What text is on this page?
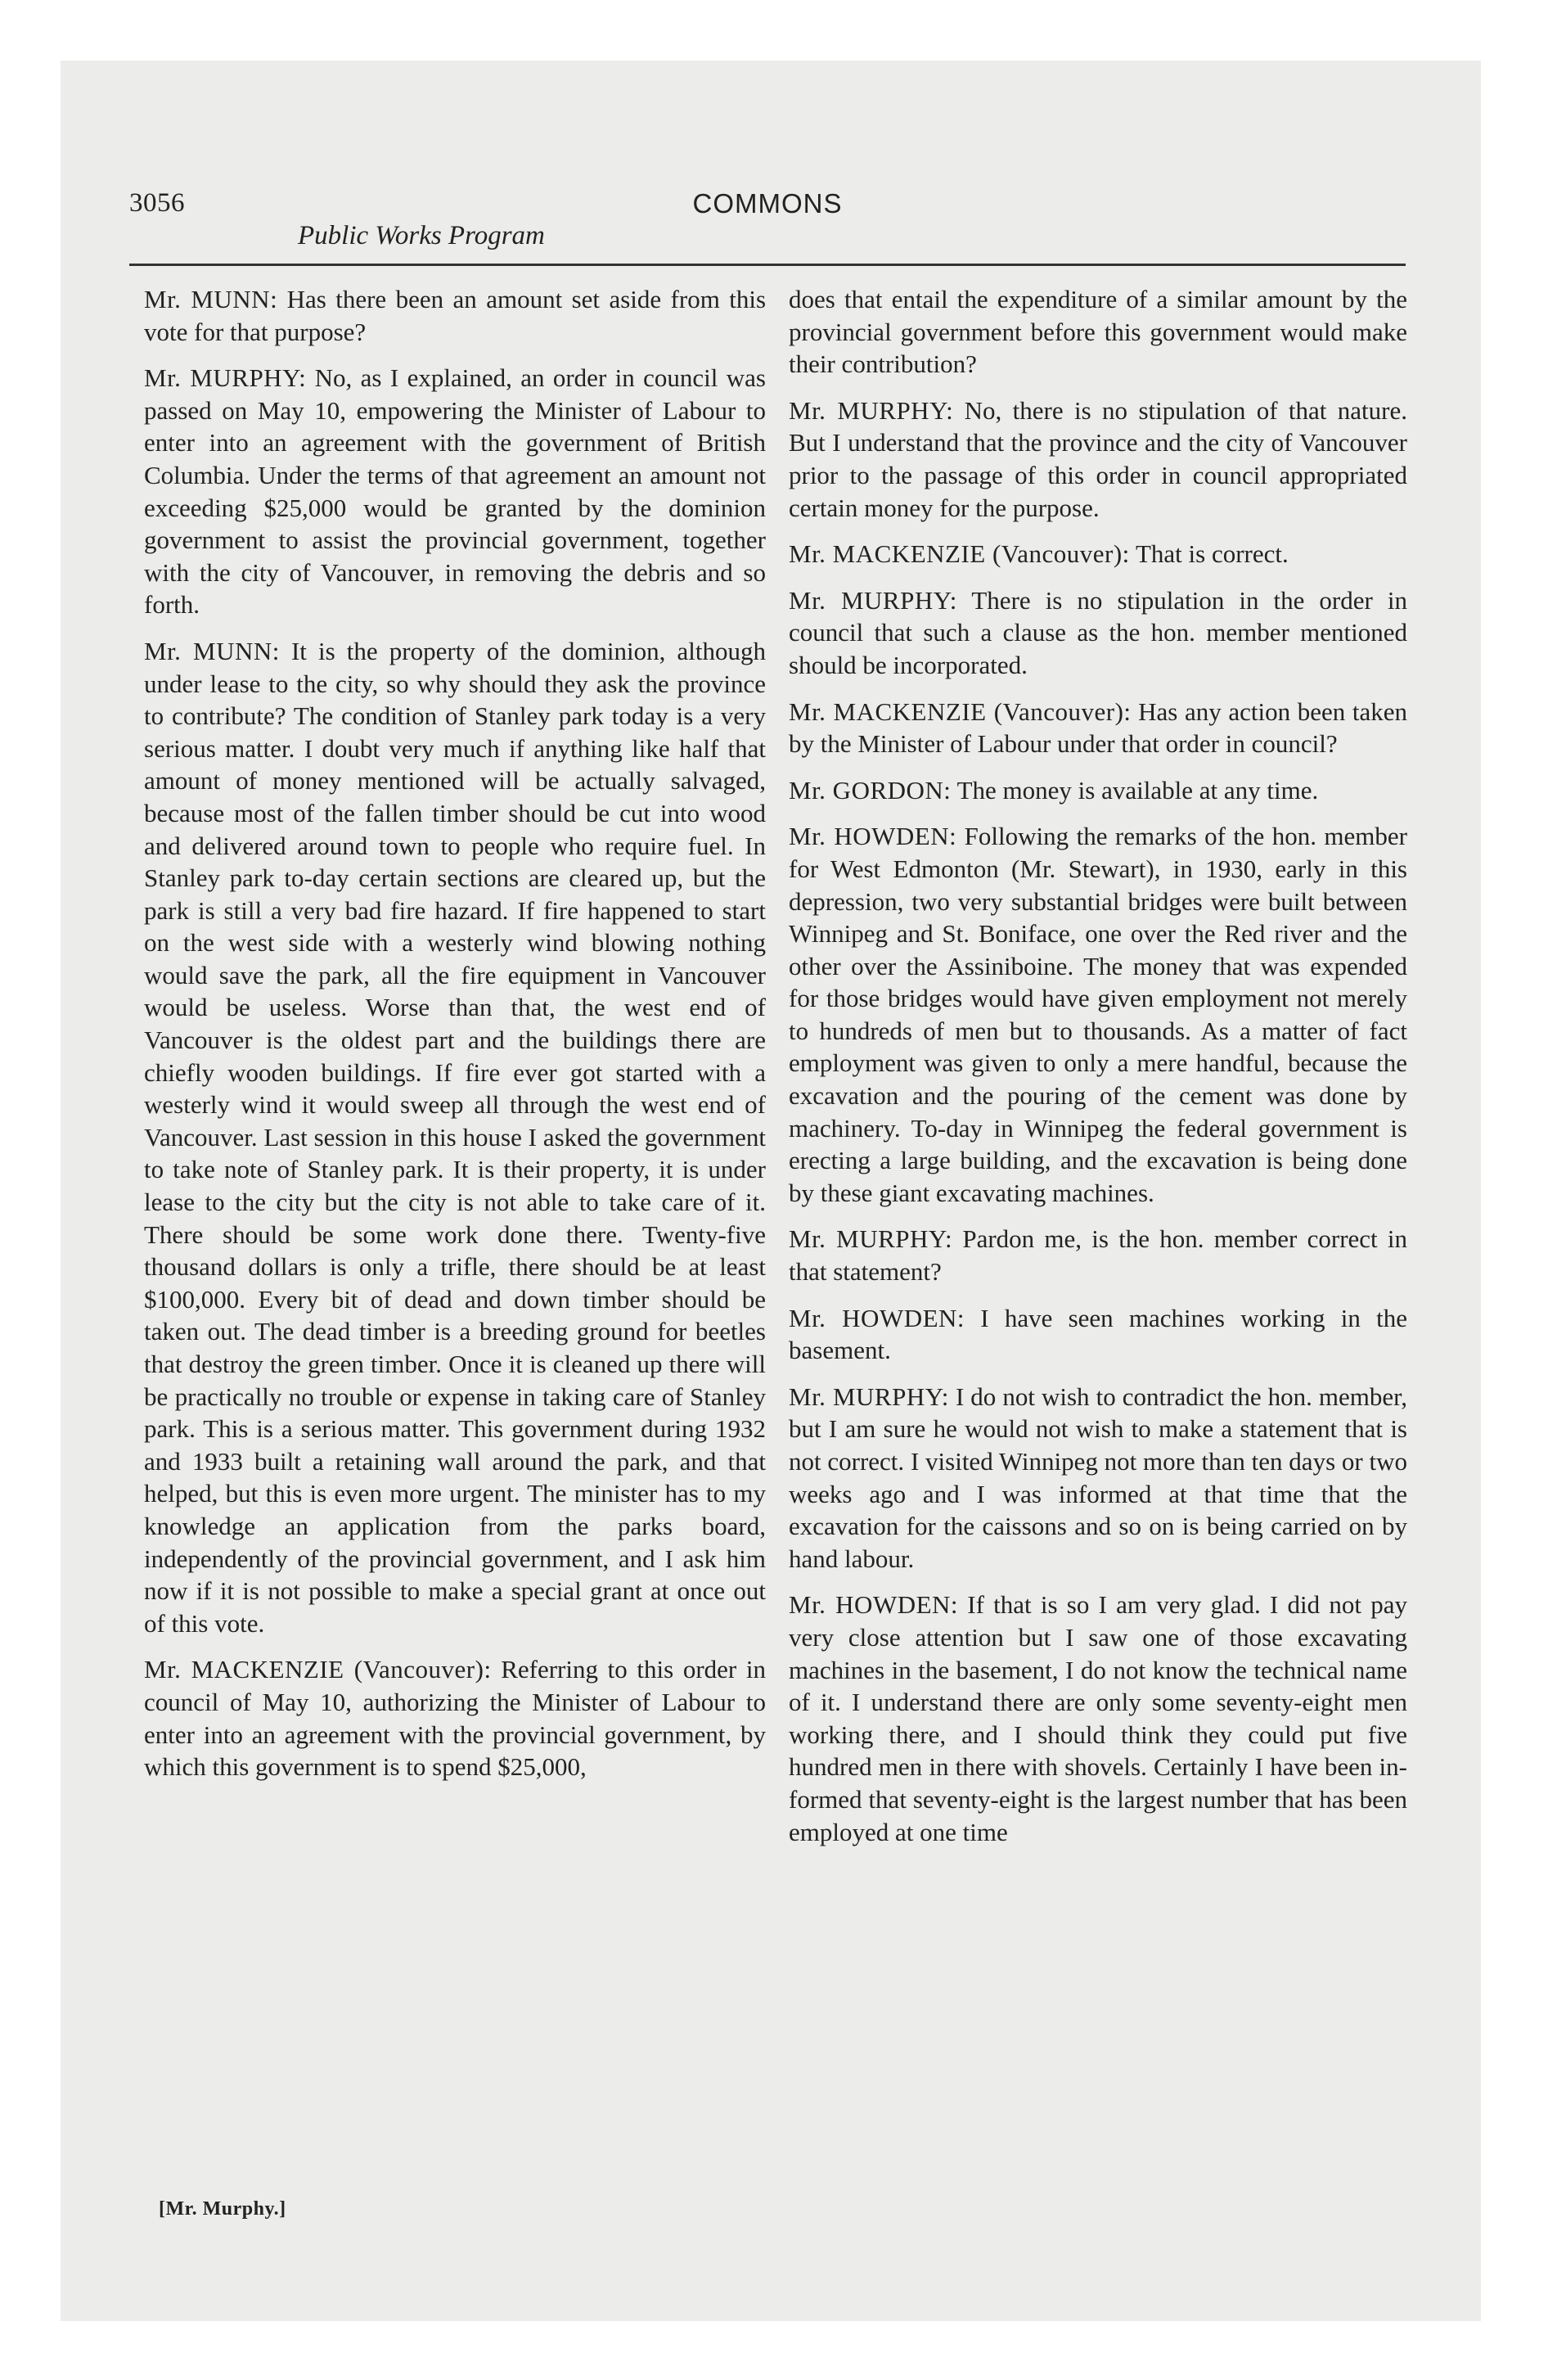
3056	COMMONS
Public Works Program

Mr. MUNN: Has there been an amount set aside from this vote for that purpose?

Mr. MURPHY: No, as I explained, an order in council was passed on May 10, empowering the Minister of Labour to enter into an agreement with the government of British Columbia. Under the terms of that agreement an amount not exceeding $25,000 would be granted by the dominion government to assist the provincial government, together with the city of Vancouver, in removing the debris and so forth.

Mr. MUNN: It is the property of the dominion, although under lease to the city, so why should they ask the province to contribute? The condition of Stanley park today is a very serious matter. I doubt very much if anything like half that amount of money mentioned will be actually salvaged, because most of the fallen timber should be cut into wood and delivered around town to people who require fuel. In Stanley park to-day certain sections are cleared up, but the park is still a very bad fire hazard. If fire happened to start on the west side with a westerly wind blowing nothing would save the park, all the fire equipment in Vancouver would be useless. Worse than that, the west end of Vancouver is the oldest part and the buildings there are chiefly wooden buildings. If fire ever got started with a westerly wind it would sweep all through the west end of Vancouver. Last session in this house I asked the government to take note of Stanley park. It is their property, it is under lease to the city but the city is not able to take care of it. There should be some work done there. Twenty-five thousand dollars is only a trifle, there should be at least $100,000. Every bit of dead and down timber should be taken out. The dead timber is a breeding ground for beetles that destroy the green timber. Once it is cleaned up there will be practically no trouble or expense in taking care of Stanley park. This is a serious matter. This government during 1932 and 1933 built a retaining wall around the park, and that helped, but this is even more urgent. The minister has to my knowledge an application from the parks board, independently of the provincial government, and I ask him now if it is not possible to make a special grant at once out of this vote.

Mr. MACKENZIE (Vancouver): Referring to this order in council of May 10, authorizing the Minister of Labour to enter into an agreement with the provincial government, by which this government is to spend $25,000,

does that entail the expenditure of a similar amount by the provincial government before this government would make their contribution?

Mr. MURPHY: No, there is no stipulation of that nature. But I understand that the province and the city of Vancouver prior to the passage of this order in council appropriated certain money for the purpose.

Mr. MACKENZIE (Vancouver): That is correct.

Mr. MURPHY: There is no stipulation in the order in council that such a clause as the hon. member mentioned should be incorporated.

Mr. MACKENZIE (Vancouver): Has any action been taken by the Minister of Labour under that order in council?

Mr. GORDON: The money is available at any time.

Mr. HOWDEN: Following the remarks of the hon. member for West Edmonton (Mr. Stewart), in 1930, early in this depression, two very substantial bridges were built between Winnipeg and St. Boniface, one over the Red river and the other over the Assiniboine. The money that was expended for those bridges would have given employment not merely to hundreds of men but to thousands. As a matter of fact employment was given to only a mere handful, because the excavation and the pouring of the cement was done by machinery. To-day in Winnipeg the federal government is erecting a large building, and the excavation is being done by these giant excavating machines.

Mr. MURPHY: Pardon me, is the hon. member correct in that statement?

Mr. HOWDEN: I have seen machines working in the basement.

Mr. MURPHY: I do not wish to contradict the hon. member, but I am sure he would not wish to make a statement that is not correct. I visited Winnipeg not more than ten days or two weeks ago and I was informed at that time that the excavation for the caissons and so on is being carried on by hand labour.

Mr. HOWDEN: If that is so I am very glad. I did not pay very close attention but I saw one of those excavating machines in the basement, I do not know the technical name of it. I understand there are only some seventy-eight men working there, and I should think they could put five hundred men in there with shovels. Certainly I have been informed that seventy-eight is the largest number that has been employed at one time

[Mr. Murphy.]
